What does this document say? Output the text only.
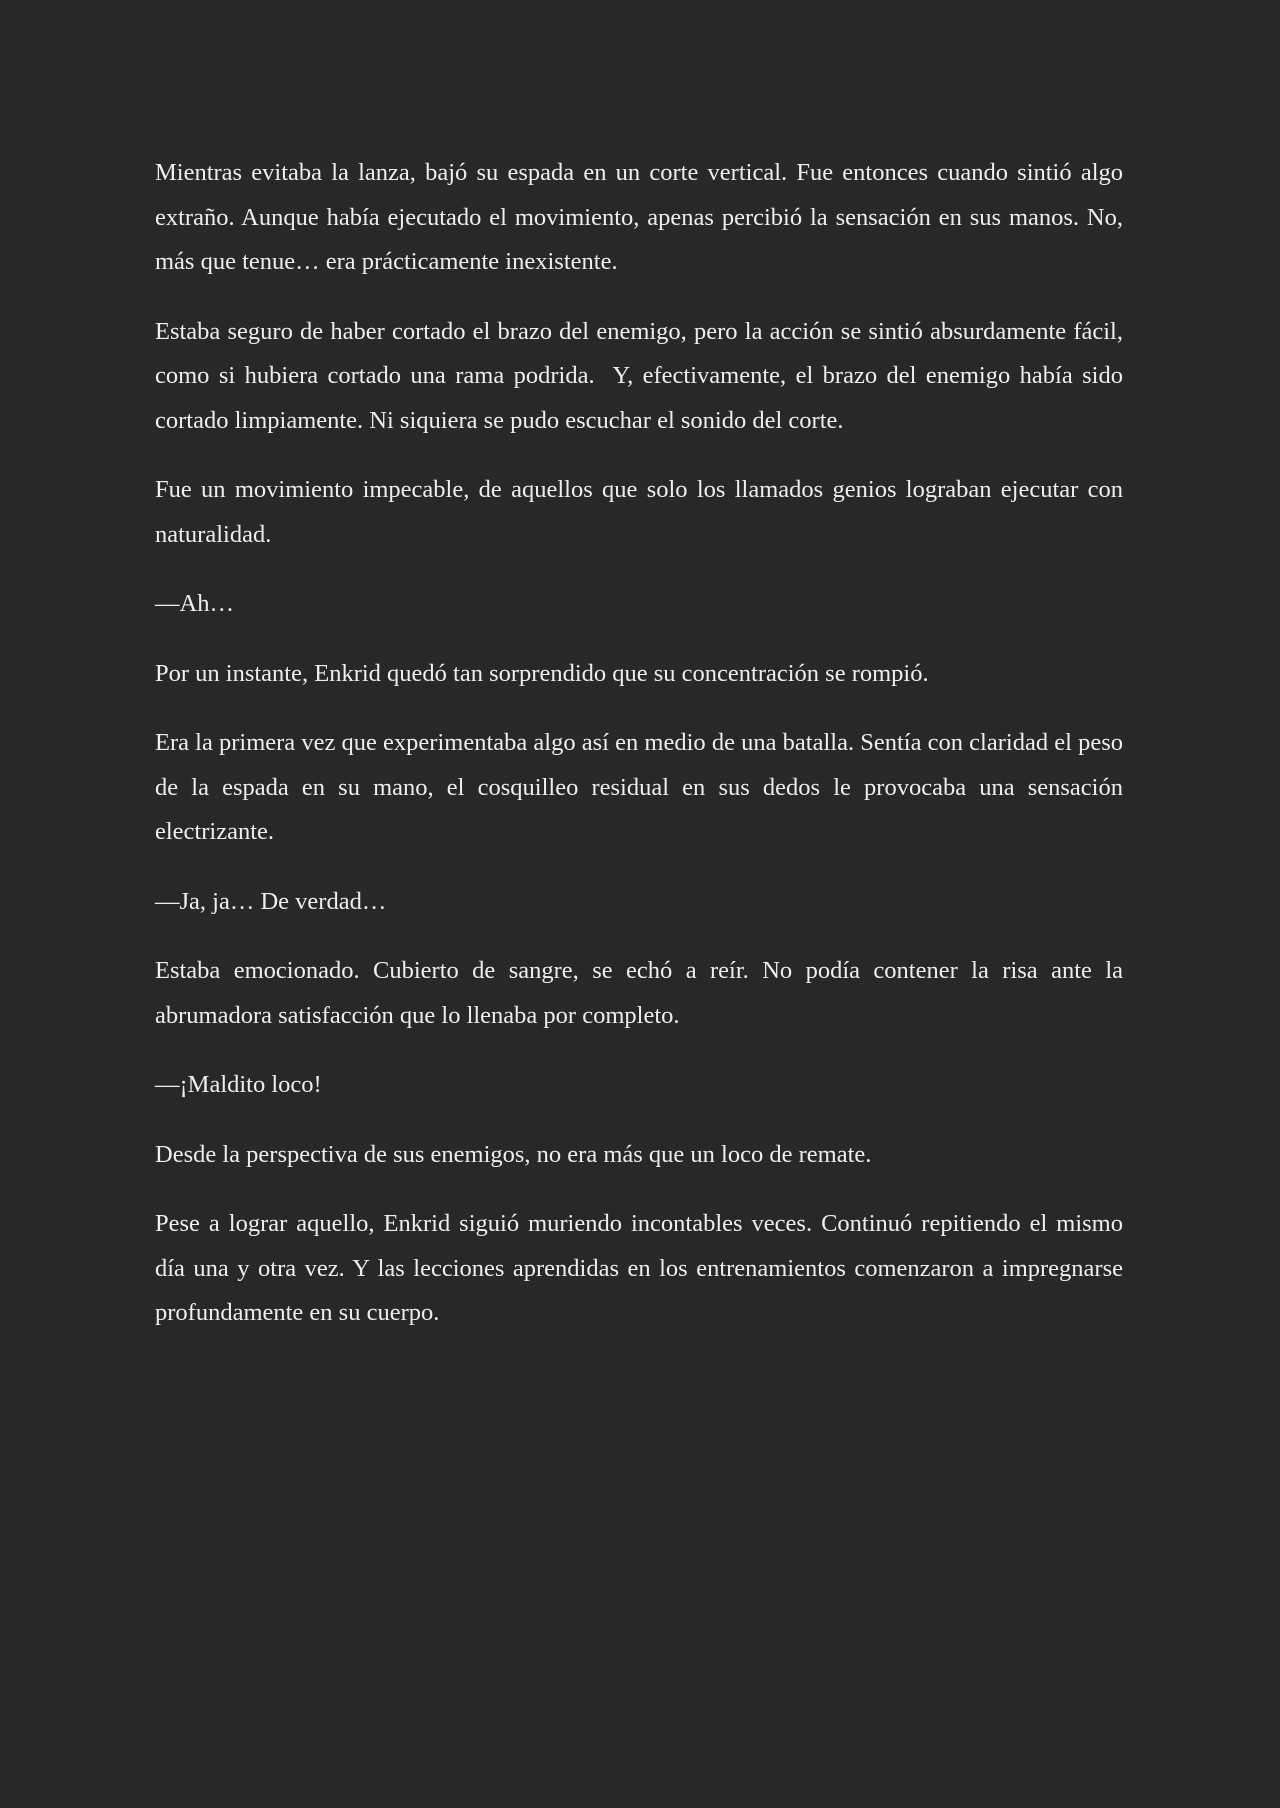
Mientras evitaba la lanza, bajó su espada en un corte vertical. Fue entonces cuando sintió algo extraño. Aunque había ejecutado el movimiento, apenas percibió la sensación en sus manos. No, más que tenue… era prácticamente inexistente.

Estaba seguro de haber cortado el brazo del enemigo, pero la acción se sintió absurdamente fácil, como si hubiera cortado una rama podrida.  Y, efectivamente, el brazo del enemigo había sido cortado limpiamente. Ni siquiera se pudo escuchar el sonido del corte.

Fue un movimiento impecable, de aquellos que solo los llamados genios lograban ejecutar con naturalidad.

—Ah…

Por un instante, Enkrid quedó tan sorprendido que su concentración se rompió.

Era la primera vez que experimentaba algo así en medio de una batalla. Sentía con claridad el peso de la espada en su mano, el cosquilleo residual en sus dedos le provocaba una sensación electrizante.

—Ja, ja… De verdad…

Estaba emocionado. Cubierto de sangre, se echó a reír. No podía contener la risa ante la abrumadora satisfacción que lo llenaba por completo.

—¡Maldito loco!

Desde la perspectiva de sus enemigos, no era más que un loco de remate.

Pese a lograr aquello, Enkrid siguió muriendo incontables veces. Continuó repitiendo el mismo día una y otra vez. Y las lecciones aprendidas en los entrenamientos comenzaron a impregnarse profundamente en su cuerpo.
